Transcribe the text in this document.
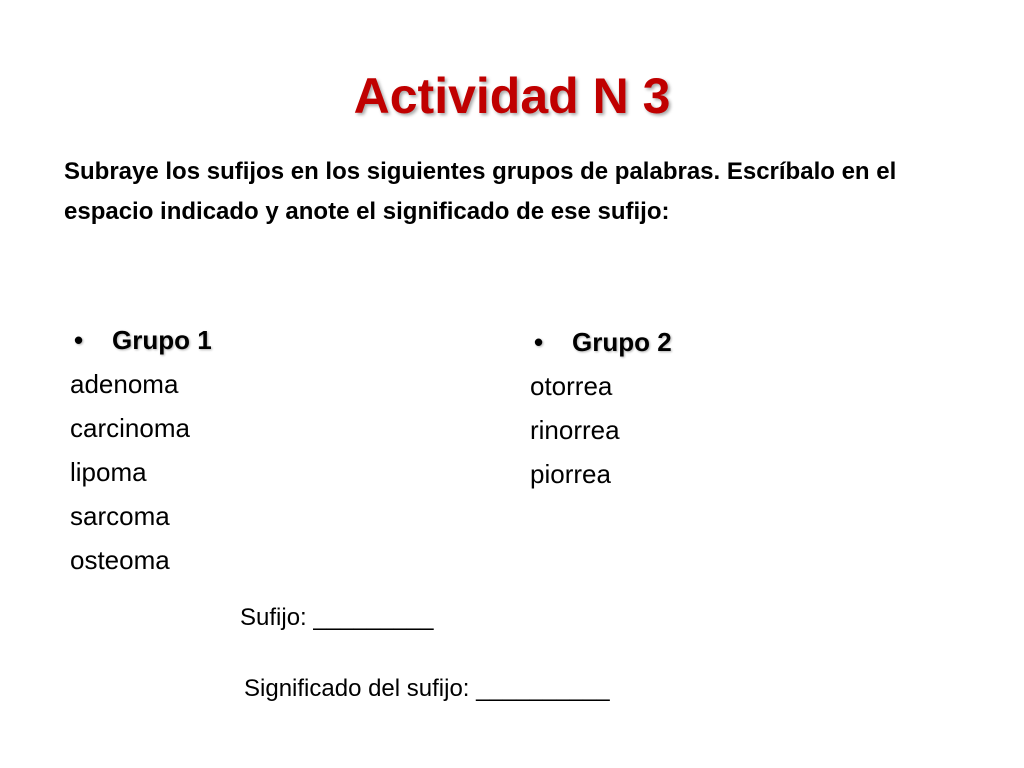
Actividad N 3
Subraye los sufijos en los siguientes grupos de palabras. Escríbalo en el espacio indicado y anote el significado de ese sufijo:
•	Grupo 1
adenoma
carcinoma
lipoma
sarcoma
osteoma
•	Grupo 2
otorrea
rinorrea
piorrea
Sufijo: _________
Significado del sufijo: __________
